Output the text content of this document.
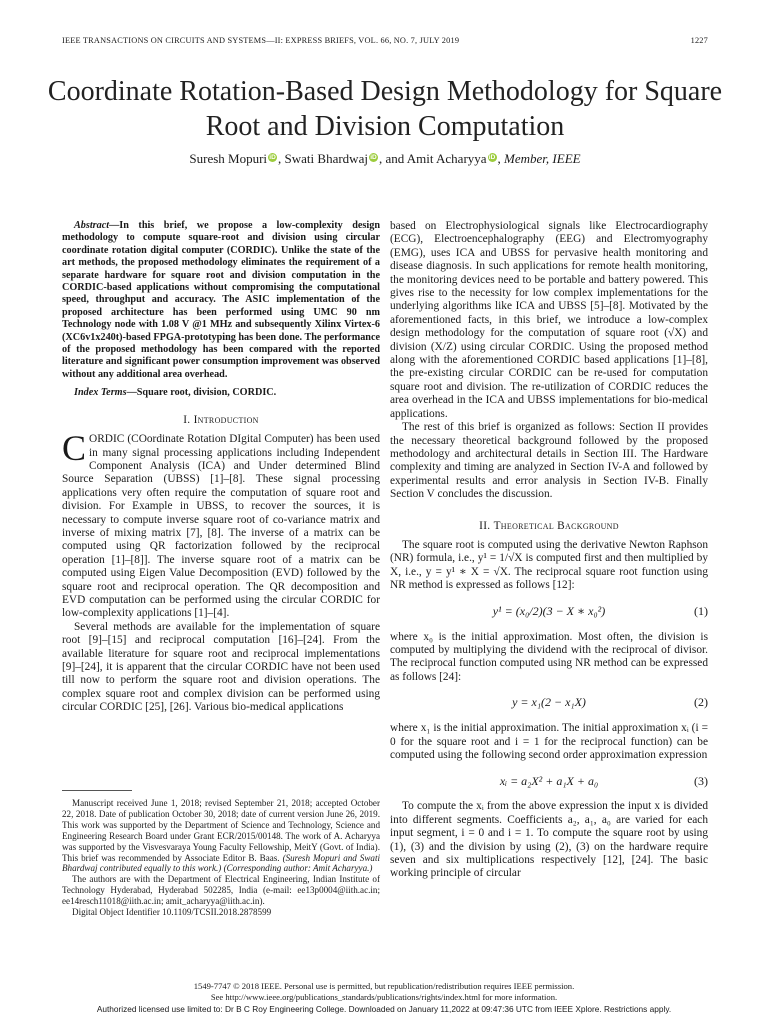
IEEE TRANSACTIONS ON CIRCUITS AND SYSTEMS—II: EXPRESS BRIEFS, VOL. 66, NO. 7, JULY 2019	1227
Coordinate Rotation-Based Design Methodology for Square Root and Division Computation
Suresh Mopuri iD , Swati Bhardwaj iD , and Amit Acharyya iD , Member, IEEE

Abstract—In this brief, we propose a low-complexity design methodology to compute square-root and division using circular coordinate rotation digital computer (CORDIC). Unlike the state of the art methods, the proposed methodology eliminates the requirement of a separate hardware for square root and division computation in the CORDIC-based applications without compromising the computational speed, throughput and accuracy. The ASIC implementation of the proposed architecture has been performed using UMC 90 nm Technology node with 1.08 V @1 MHz and subsequently Xilinx Virtex-6 (XC6v1x240t)-based FPGA-prototyping has been done. The performance of the proposed methodology has been compared with the reported literature and significant power consumption improvement was observed without any additional area overhead.

Index Terms—Square root, division, CORDIC.

I. Introduction

CORDIC (COordinate Rotation DIgital Computer) has been used in many signal processing applications including Independent Component Analysis (ICA) and Under determined Blind Source Separation (UBSS) [1]–[8]. These signal processing applications very often require the computation of square root and division. For Example in UBSS, to recover the sources, it is necessary to compute inverse square root of co-variance matrix and inverse of mixing matrix [7], [8]. The inverse of a matrix can be computed using QR factorization followed by the reciprocal operation [1]–[8]]. The inverse square root of a matrix can be computed using Eigen Value Decomposition (EVD) followed by the square root and reciprocal operation. The QR decomposition and EVD computation can be performed using the circular CORDIC for low-complexity applications [1]–[4].

Several methods are available for the implementation of square root [9]–[15] and reciprocal computation [16]–[24]. From the available literature for square root and reciprocal implementations [9]–[24], it is apparent that the circular CORDIC have not been used till now to perform the square root and division operations. The complex square root and complex division can be performed using circular CORDIC [25], [26]. Various bio-medical applications

based on Electrophysiological signals like Electrocardiography (ECG), Electroencephalography (EEG) and Electromyography (EMG), uses ICA and UBSS for pervasive health monitoring and disease diagnosis. In such applications for remote health monitoring, the monitoring devices need to be portable and battery powered. This gives rise to the necessity for low complex implementations for the underlying algorithms like ICA and UBSS [5]–[8]. Motivated by the aforementioned facts, in this brief, we introduce a low-complex design methodology for the computation of square root (√X) and division (X/Z) using circular CORDIC. Using the proposed method along with the aforementioned CORDIC based applications [1]–[8], the pre-existing circular CORDIC can be re-used for computation square root and division. The re-utilization of CORDIC reduces the area overhead in the ICA and UBSS implementations for bio-medical applications.

The rest of this brief is organized as follows: Section II provides the necessary theoretical background followed by the proposed methodology and architectural details in Section III. The Hardware complexity and timing are analyzed in Section IV-A and followed by experimental results and error analysis in Section IV-B. Finally Section V concludes the discussion.

II. Theoretical Background

The square root is computed using the derivative Newton Raphson (NR) formula, i.e., y¹ = 1/√X is computed first and then multiplied by X, i.e., y = y¹ ∗ X = √X. The reciprocal square root function using NR method is expressed as follows [12]:

y¹ = (x₀/2)(3 − X ∗ x₀²)	(1)

where x₀ is the initial approximation. Most often, the division is computed by multiplying the dividend with the reciprocal of divisor. The reciprocal function computed using NR method can be expressed as follows [24]:

y = x₁(2 − x₁X)	(2)

where x₁ is the initial approximation. The initial approximation xᵢ (i = 0 for the square root and i = 1 for the reciprocal function) can be computed using the following second order approximation expression

xᵢ = a₂X² + a₁X + a₀	(3)

To compute the xᵢ from the above expression the input x is divided into different segments. Coefficients a₂, a₁, a₀ are varied for each input segment, i = 0 and i = 1. To compute the square root by using (1), (3) and the division by using (2), (3) on the hardware require seven and six multiplications respectively [12], [24]. The basic working principle of circular

Manuscript received June 1, 2018; revised September 21, 2018; accepted October 22, 2018. Date of publication October 30, 2018; date of current version June 26, 2019. This work was supported by the Department of Science and Technology, Science and Engineering Research Board under Grant ECR/2015/00148. The work of A. Acharyya was supported by the Visvesvaraya Young Faculty Fellowship, MeitY (Govt. of India). This brief was recommended by Associate Editor B. Baas. (Suresh Mopuri and Swati Bhardwaj contributed equally to this work.) (Corresponding author: Amit Acharyya.)

The authors are with the Department of Electrical Engineering, Indian Institute of Technology Hyderabad, Hyderabad 502285, India (e-mail: ee13p0004@iith.ac.in; ee14resch11018@iith.ac.in; amit_acharyya@iith.ac.in).

Digital Object Identifier 10.1109/TCSII.2018.2878599

1549-7747 © 2018 IEEE. Personal use is permitted, but republication/redistribution requires IEEE permission.
See http://www.ieee.org/publications_standards/publications/rights/index.html for more information.
Authorized licensed use limited to: Dr B C Roy Engineering College. Downloaded on January 11,2022 at 09:47:36 UTC from IEEE Xplore. Restrictions apply.
